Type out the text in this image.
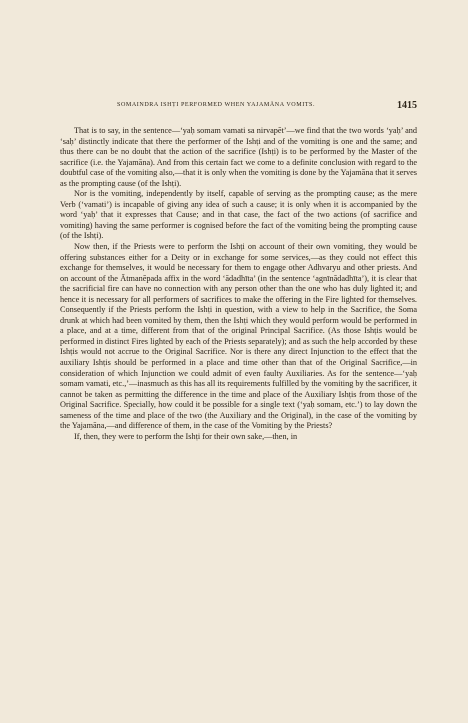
SOMAINDRA ISHṬI PERFORMED WHEN YAJAMĀNA VOMITS.	1415

That is to say, in the sentence—‘yaḥ somam vamati sa nirvapēt’—we find that the two words ‘yaḥ’ and ‘saḥ’ distinctly indicate that there the performer of the Ishṭi and of the vomiting is one and the same; and thus there can be no doubt that the action of the sacrifice (Ishṭi) is to be performed by the Master of the sacrifice (i.e. the Yajamāna). And from this certain fact we come to a definite conclusion with regard to the doubtful case of the vomiting also,—that it is only when the vomiting is done by the Yajamāna that it serves as the prompting cause (of the Ishṭi).

Nor is the vomiting, independently by itself, capable of serving as the prompting cause; as the mere Verb (‘vamati’) is incapable of giving any idea of such a cause; it is only when it is accompanied by the word ‘yaḥ’ that it expresses that Cause; and in that case, the fact of the two actions (of sacrifice and vomiting) having the same performer is cognised before the fact of the vomiting being the prompting cause (of the Ishṭi).

Now then, if the Priests were to perform the Ishṭi on account of their own vomiting, they would be offering substances either for a Deity or in exchange for some services,—as they could not effect this exchange for themselves, it would be necessary for them to engage other Adhvaryu and other priests. And on account of the Ātmanēpada affix in the word ‘ādadhīta’ (in the sentence ‘agnīnādadhīta’), it is clear that the sacrificial fire can have no connection with any person other than the one who has duly lighted it; and hence it is necessary for all performers of sacrifices to make the offering in the Fire lighted for themselves. Consequently if the Priests perform the Ishṭi in question, with a view to help in the Sacrifice, the Soma drunk at which had been vomited by them, then the Ishṭi which they would perform would be performed in a place, and at a time, different from that of the original Principal Sacrifice. (As those Ishṭis would be performed in distinct Fires lighted by each of the Priests separately); and as such the help accorded by these Ishṭis would not accrue to the Original Sacrifice. Nor is there any direct Injunction to the effect that the auxiliary Ishṭis should be performed in a place and time other than that of the Original Sacrifice,—in consideration of which Injunction we could admit of even faulty Auxiliaries. As for the sentence—‘yaḥ somam vamati, etc.,’—inasmuch as this has all its requirements fulfilled by the vomiting by the sacrificer, it cannot be taken as permitting the difference in the time and place of the Auxiliary Ishṭis from those of the Original Sacrifice. Specially, how could it be possible for a single text (‘yaḥ somam, etc.’) to lay down the sameness of the time and place of the two (the Auxiliary and the Original), in the case of the vomiting by the Yajamāna,—and difference of them, in the case of the Vomiting by the Priests?

If, then, they were to perform the Ishṭi for their own sake,—then, in
